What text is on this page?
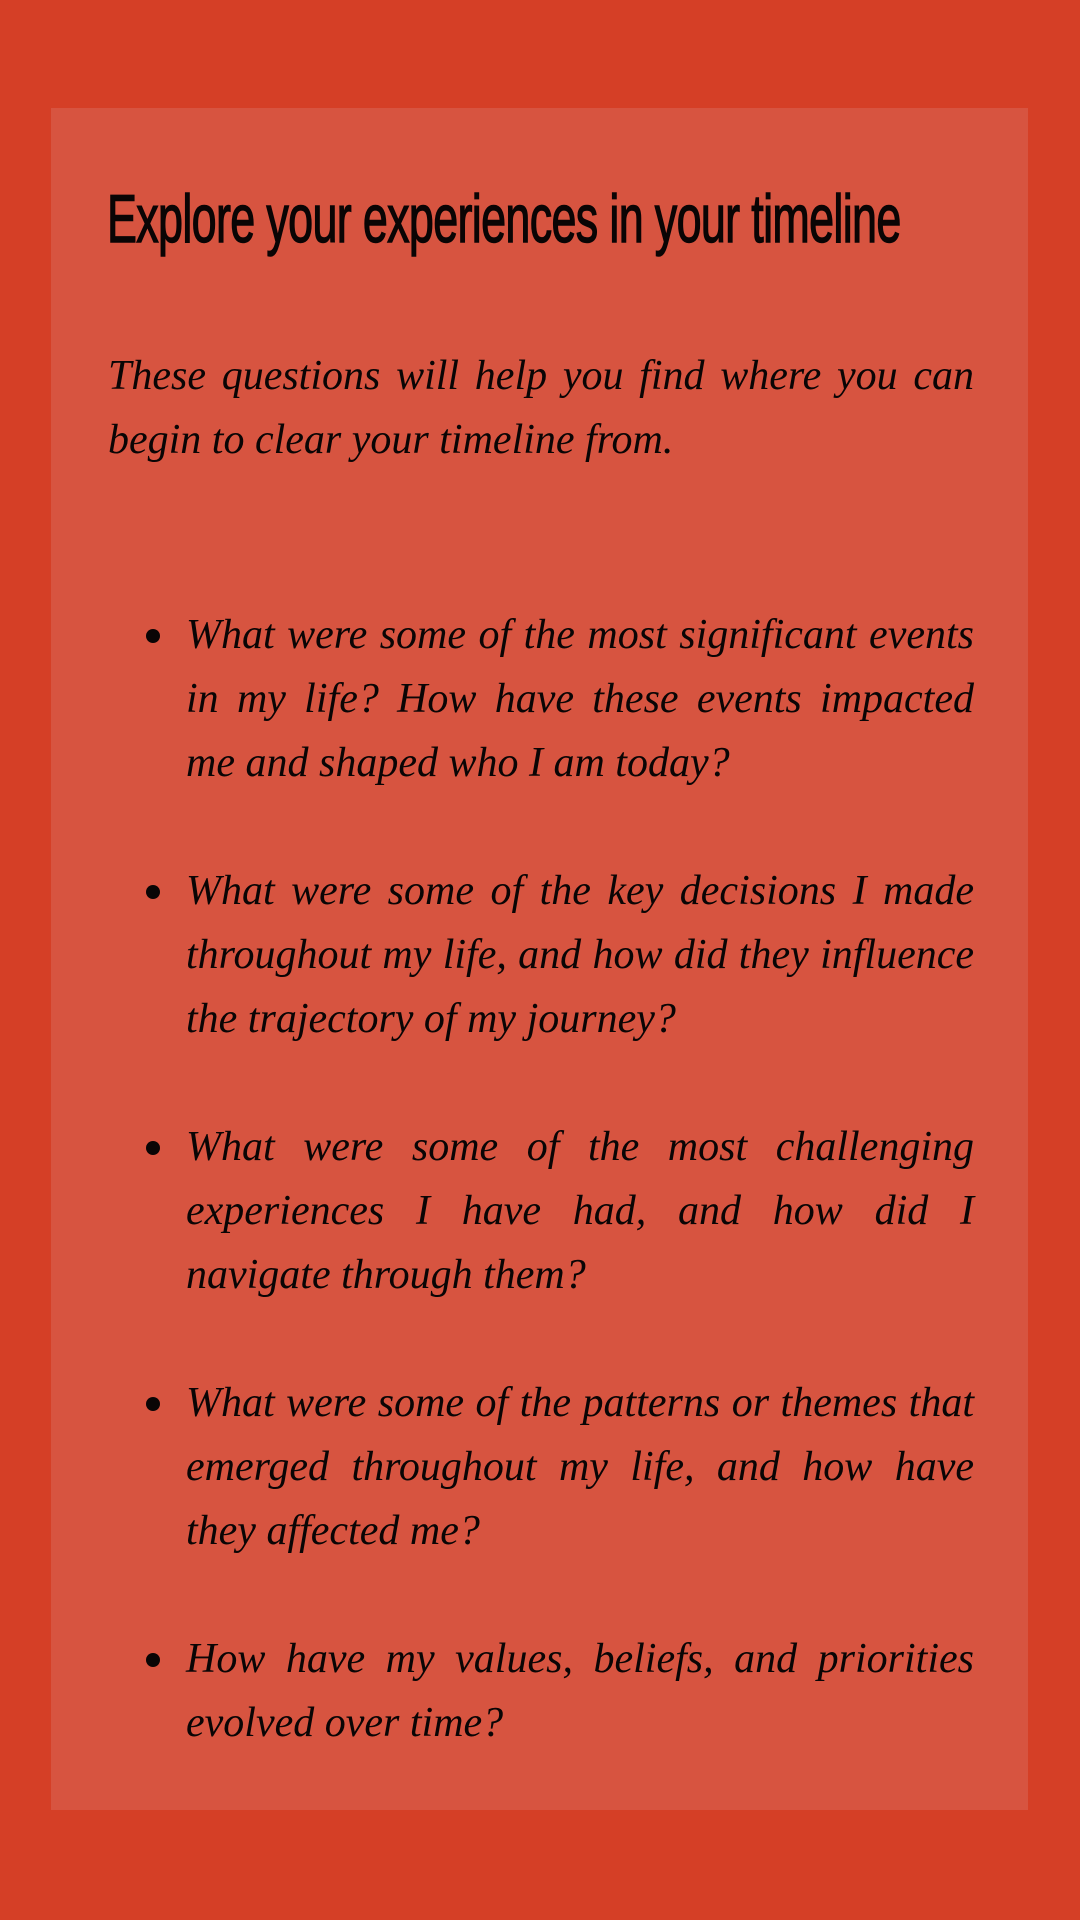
Explore your experiences in your timeline

These questions will help you find where you can begin to clear your timeline from.

What were some of the most significant events in my life? How have these events impacted me and shaped who I am today?
What were some of the key decisions I made throughout my life, and how did they influence the trajectory of my journey?
What were some of the most challenging experiences I have had, and how did I navigate through them?
What were some of the patterns or themes that emerged throughout my life, and how have they affected me?
How have my values, beliefs, and priorities evolved over time?
